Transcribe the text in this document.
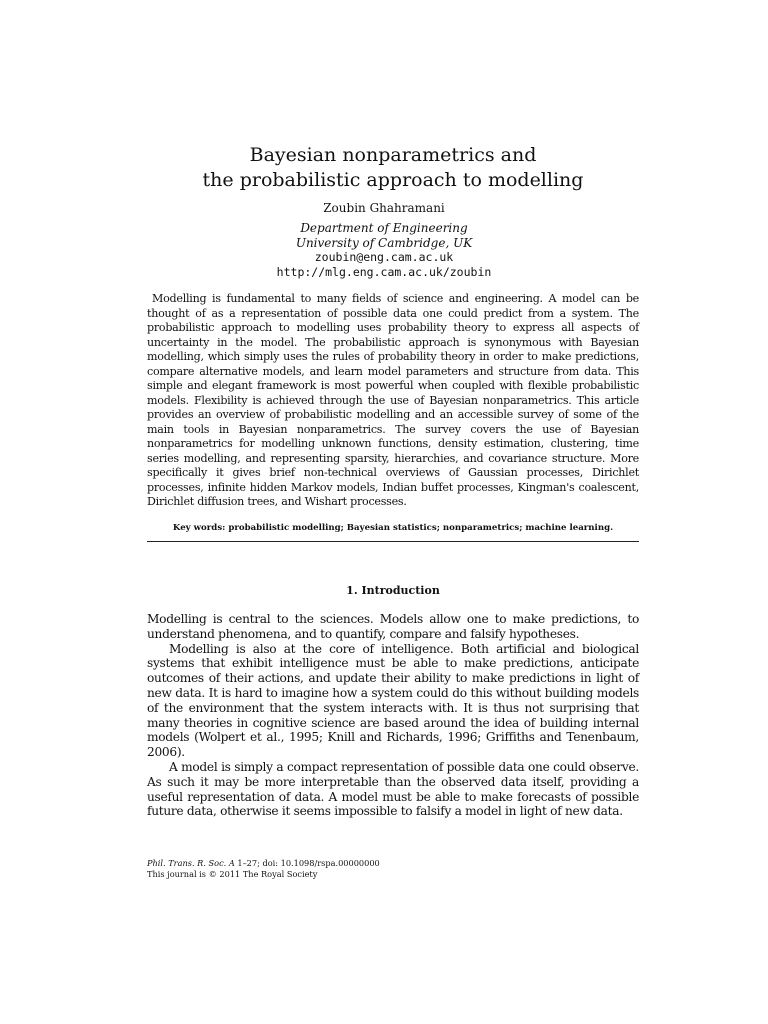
Bayesian nonparametrics and
the probabilistic approach to modelling
Zoubin Ghahramani
Department of Engineering
University of Cambridge, UK
zoubin@eng.cam.ac.uk
http://mlg.eng.cam.ac.uk/zoubin

Modelling is fundamental to many fields of science and engineering. A model can be thought of as a representation of possible data one could predict from a system. The probabilistic approach to modelling uses probability theory to express all aspects of uncertainty in the model. The probabilistic approach is synonymous with Bayesian modelling, which simply uses the rules of probability theory in order to make predictions, compare alternative models, and learn model parameters and structure from data. This simple and elegant framework is most powerful when coupled with flexible probabilistic models. Flexibility is achieved through the use of Bayesian nonparametrics. This article provides an overview of probabilistic modelling and an accessible survey of some of the main tools in Bayesian nonparametrics. The survey covers the use of Bayesian nonparametrics for modelling unknown functions, density estimation, clustering, time series modelling, and representing sparsity, hierarchies, and covariance structure. More specifically it gives brief non-technical overviews of Gaussian processes, Dirichlet processes, infinite hidden Markov models, Indian buffet processes, Kingman's coalescent, Dirichlet diffusion trees, and Wishart processes.

Key words: probabilistic modelling; Bayesian statistics; nonparametrics; machine learning.
1. Introduction

Modelling is central to the sciences. Models allow one to make predictions, to understand phenomena, and to quantify, compare and falsify hypotheses.

Modelling is also at the core of intelligence. Both artificial and biological systems that exhibit intelligence must be able to make predictions, anticipate outcomes of their actions, and update their ability to make predictions in light of new data. It is hard to imagine how a system could do this without building models of the environment that the system interacts with. It is thus not surprising that many theories in cognitive science are based around the idea of building internal models (Wolpert et al., 1995; Knill and Richards, 1996; Griffiths and Tenenbaum, 2006).

A model is simply a compact representation of possible data one could observe. As such it may be more interpretable than the observed data itself, providing a useful representation of data. A model must be able to make forecasts of possible future data, otherwise it seems impossible to falsify a model in light of new data.

Phil. Trans. R. Soc. A 1–27; doi: 10.1098/rspa.00000000
This journal is © 2011 The Royal Society
